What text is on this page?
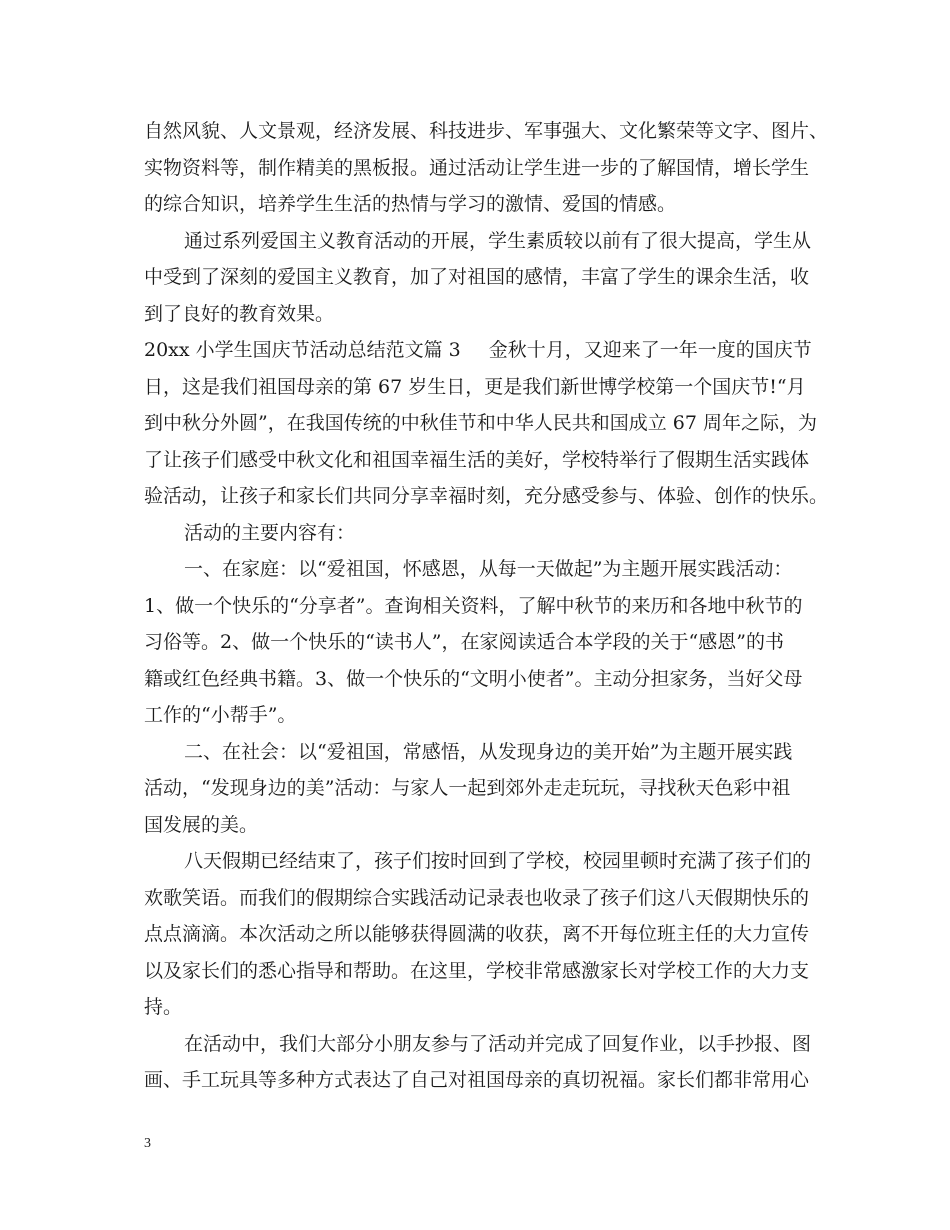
自然风貌、人文景观，经济发展、科技进步、军事强大、文化繁荣等文字、图片、
实物资料等，制作精美的黑板报。通过活动让学生进一步的了解国情，增长学生
的综合知识，培养学生生活的热情与学习的激情、爱国的情感。
通过系列爱国主义教育活动的开展，学生素质较以前有了很大提高，学生从
中受到了深刻的爱国主义教育，加了对祖国的感情，丰富了学生的课余生活，收
到了良好的教育效果。
20xx 小学生国庆节活动总结范文篇 3 金秋十月，又迎来了一年一度的国庆节
日，这是我们祖国母亲的第 67 岁生日，更是我们新世博学校第一个国庆节!“月
到中秋分外圆”，在我国传统的中秋佳节和中华人民共和国成立 67 周年之际，为
了让孩子们感受中秋文化和祖国幸福生活的美好，学校特举行了假期生活实践体
验活动，让孩子和家长们共同分享幸福时刻，充分感受参与、体验、创作的快乐。
活动的主要内容有：
一、在家庭：以“爱祖国，怀感恩，从每一天做起”为主题开展实践活动：
1、做一个快乐的“分享者”。查询相关资料，了解中秋节的来历和各地中秋节的
习俗等。2、做一个快乐的“读书人”，在家阅读适合本学段的关于“感恩”的书
籍或红色经典书籍。3、做一个快乐的“文明小使者”。主动分担家务，当好父母
工作的“小帮手”。
二、在社会：以“爱祖国，常感悟，从发现身边的美开始”为主题开展实践
活动，“发现身边的美”活动：与家人一起到郊外走走玩玩，寻找秋天色彩中祖
国发展的美。
八天假期已经结束了，孩子们按时回到了学校，校园里顿时充满了孩子们的
欢歌笑语。而我们的假期综合实践活动记录表也收录了孩子们这八天假期快乐的
点点滴滴。本次活动之所以能够获得圆满的收获，离不开每位班主任的大力宣传
以及家长们的悉心指导和帮助。在这里，学校非常感激家长对学校工作的大力支
持。
在活动中，我们大部分小朋友参与了活动并完成了回复作业，以手抄报、图
画、手工玩具等多种方式表达了自己对祖国母亲的真切祝福。家长们都非常用心
3
